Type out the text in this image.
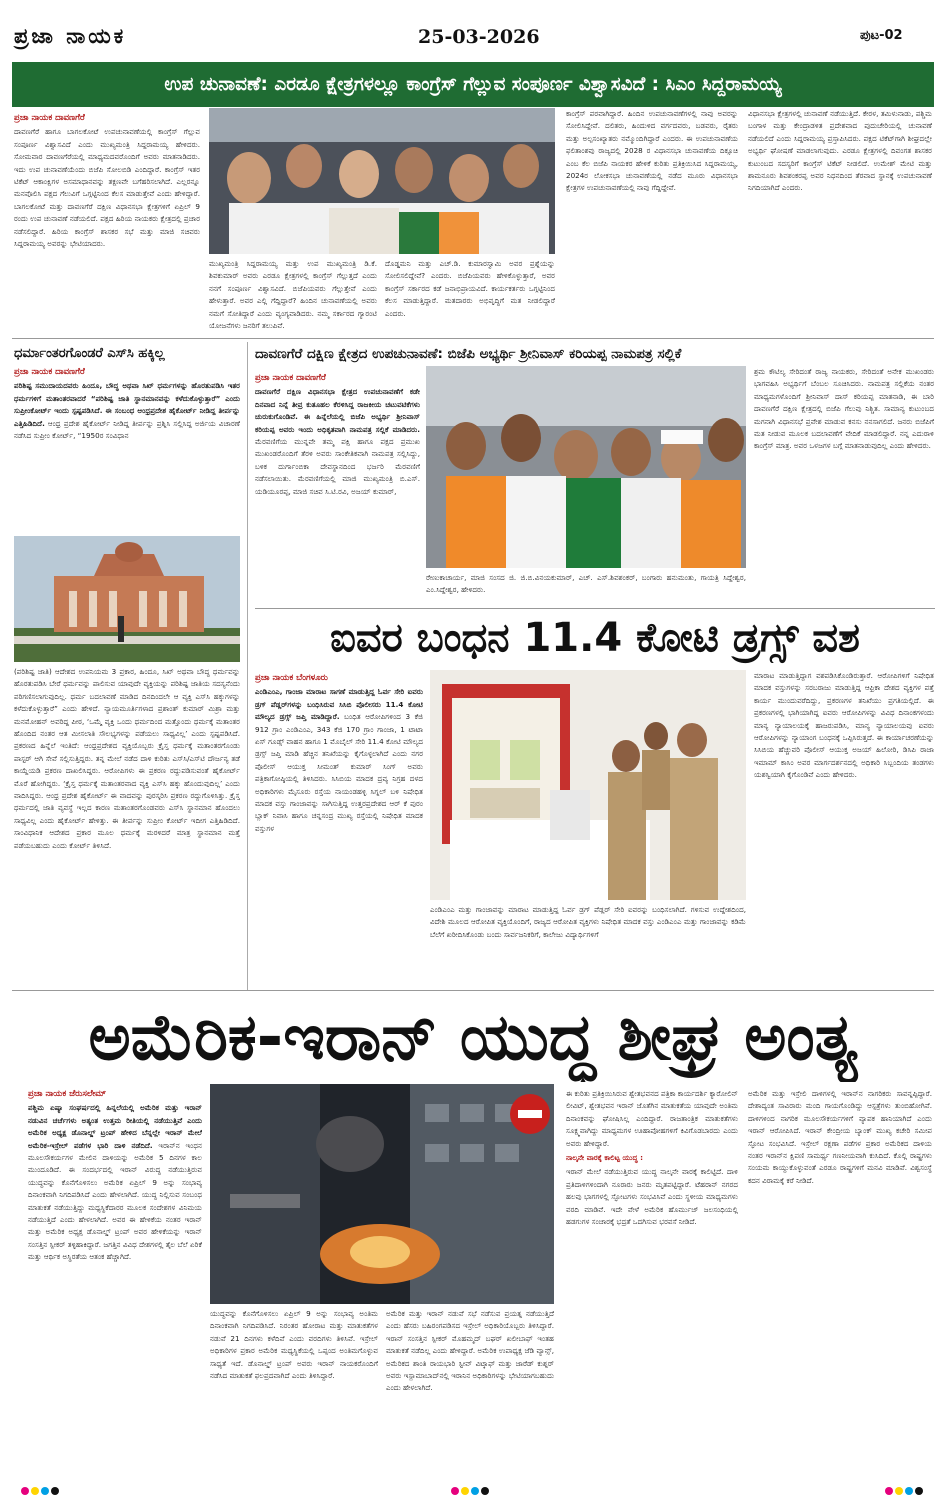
ಪ್ರಜಾ ನಾಯಕ	25-03-2026	ಪುಟ-02
ಉಪ ಚುನಾವಣೆ: ಎರಡೂ ಕ್ಷೇತ್ರಗಳಲ್ಲೂ ಕಾಂಗ್ರೆಸ್ ಗೆಲ್ಲುವ ಸಂಪೂರ್ಣ ವಿಶ್ವಾಸವಿದೆ : ಸಿಎಂ ಸಿದ್ದರಾಮಯ್ಯ
ಪ್ರಜಾ ನಾಯಕ ದಾವಣಗೆರೆ
ದಾವಣಗೆರೆ ಹಾಗೂ ಬಾಗಲಕೋಟೆ ಉಪಚುನಾವಣೆಯಲ್ಲಿ ಕಾಂಗ್ರೆಸ್ ಗೆಲ್ಲುವ ಸಂಪೂರ್ಣ ವಿಶ್ವಾಸವಿದೆ ಎಂದು ಮುಖ್ಯಮಂತ್ರಿ ಸಿದ್ದರಾಮಯ್ಯ ಹೇಳಿದರು. ಸೋಮವಾರ ದಾವಣಗೆರೆಯಲ್ಲಿ ಮಾಧ್ಯಮದವರೊಂದಿಗೆ ಅವರು ಮಾತನಾಡಿದರು. ಇದು ಉಪ ಚುನಾವಣೆಯೆಂದು ಬಿಜೆಪಿ ಸೋಲಬಿಡಿ ಎಂದಿದ್ದಾರೆ. ಕಾಂಗ್ರೆಸ್ ಇತರ ಟಿಕೆಟ್ ಆಕಾಂಕ್ಷಿಗಳ ಅಸಮಾಧಾನವನ್ನು ತಕ್ಷಣವೇ ಬಗೆಹರಿಸಲಾಗಿದೆ. ಎಲ್ಲರನ್ನೂ ಮನವೊಲಿಸಿ ಪಕ್ಷದ ಗೆಲುವಿಗೆ ಒಗ್ಗಟ್ಟಿನಿಂದ ಕೆಲಸ ಮಾಡುತ್ತೇವೆ ಎಂದು ಹೇಳಿದ್ದಾರೆ. ಬಾಗಲಕೋಟೆ ಮತ್ತು ದಾವಣಗೆರೆ ದಕ್ಷಿಣ ವಿಧಾನಸಭಾ ಕ್ಷೇತ್ರಗಳಿಗೆ ಏಪ್ರಿಲ್ 9 ರಂದು ಉಪ ಚುನಾವಣೆ ನಡೆಯಲಿದೆ. ಪಕ್ಷದ ಹಿರಿಯ ನಾಯಕರು ಕ್ಷೇತ್ರದಲ್ಲಿ ಪ್ರಚಾರ ನಡೆಸಲಿದ್ದಾರೆ. ಹಿರಿಯ ಕಾಂಗ್ರೆಸ್ ಶಾಸಕರ ಸಭೆ ಮತ್ತು ಮಾಜಿ ಸಚಿವರು ಸಿದ್ದರಾಮಯ್ಯ ಅವರನ್ನು ಭೇಟಿಯಾದರು.
ಮುಖ್ಯಮಂತ್ರಿ ಸಿದ್ದರಾಮಯ್ಯ ಮತ್ತು ಉಪ ಮುಖ್ಯಮಂತ್ರಿ ಡಿ.ಕೆ. ಶಿವಕುಮಾರ್ ಅವರು ಎರಡೂ ಕ್ಷೇತ್ರಗಳಲ್ಲಿ ಕಾಂಗ್ರೆಸ್ ಗೆಲ್ಲುತ್ತದೆ ಎಂದು ನನಗೆ ಸಂಪೂರ್ಣ ವಿಶ್ವಾಸವಿದೆ. ಬಿಜೆಪಿಯವರು ಗೆಲ್ಲುತ್ತೇವೆ ಎಂದು ಹೇಳುತ್ತಾರೆ. ಅವರ ಎಲ್ಲಿ ಗೆದ್ದಿದ್ದಾರೆ? ಹಿಂದಿನ ಚುನಾವಣೆಯಲ್ಲಿ ಅವರು ನಮಗೆ ಸೋತಿದ್ದಾರೆ ಎಂದು ವ್ಯಂಗ್ಯವಾಡಿದರು. ನಮ್ಮ ಸರ್ಕಾರದ ಗ್ಯಾರಂಟಿ ಯೋಜನೆಗಳು ಜನರಿಗೆ ತಲುಪಿವೆ.
ದೊಡ್ಡಮನಿ ಮತ್ತು ಎಚ್.ಡಿ. ಕುಮಾರಸ್ವಾಮಿ ಅವರ ಪ್ರಶ್ನೆಯನ್ನು ಸೋಲಿಸಲಿದ್ದೇವೆ? ಎಂದರು. ಬಿಜೆಪಿಯವರು ಹೇಳಿಕೊಳ್ಳುತ್ತಾರೆ, ಅವರ ಕಾಂಗ್ರೆಸ್ ಸರ್ಕಾರದ ಕಡೆ ಜನಾಭಿಪ್ರಾಯವಿದೆ. ಕಾರ್ಯಕರ್ತರು ಒಗ್ಗಟ್ಟಿನಿಂದ ಕೆಲಸ ಮಾಡುತ್ತಿದ್ದಾರೆ. ಮತದಾರರು ಅಭಿವೃದ್ಧಿಗೆ ಮತ ನೀಡಲಿದ್ದಾರೆ ಎಂದರು.
ಕಾಂಗ್ರೆಸ್ ಪರವಾಗಿದ್ದಾರೆ. ಹಿಂದಿನ ಉಪಚುನಾವಣೆಗಳಲ್ಲಿ ನಾವು ಅವರನ್ನು ಸೋಲಿಸಿದ್ದೇವೆ. ದಲಿತರು, ಹಿಂದುಳಿದ ವರ್ಗದವರು, ಬಡವರು, ರೈತರು ಮತ್ತು ಅಲ್ಪಸಂಖ್ಯಾತರು ನಮ್ಮೊಂದಿಗಿದ್ದಾರೆ ಎಂದರು. ಈ ಉಪಚುನಾವಣೆಯ ಫಲಿತಾಂಶವು ರಾಜ್ಯದಲ್ಲಿ 2028 ರ ವಿಧಾನಸಭಾ ಚುನಾವಣೆಯ ದಿಕ್ಸೂಚಿ ಎಂಬ ಕೆಲ ಬಿಜೆಪಿ ನಾಯಕರ ಹೇಳಿಕೆ ಕುರಿತು ಪ್ರತಿಕ್ರಿಯಿಸಿದ ಸಿದ್ದರಾಮಯ್ಯ, 2024ರ ಲೋಕಸಭಾ ಚುನಾವಣೆಯಲ್ಲಿ ನಡೆದ ಮೂರು ವಿಧಾನಸಭಾ ಕ್ಷೇತ್ರಗಳ ಉಪಚುನಾವಣೆಯಲ್ಲಿ ನಾವು ಗೆದ್ದಿದ್ದೇವೆ.
ವಿಧಾನಸಭಾ ಕ್ಷೇತ್ರಗಳಲ್ಲಿ ಚುನಾವಣೆ ನಡೆಯುತ್ತಿದೆ. ಕೇರಳ, ತಮಿಳುನಾಡು, ಪಶ್ಚಿಮ ಬಂಗಾಳ ಮತ್ತು ಕೇಂದ್ರಾಡಳಿತ ಪ್ರದೇಶವಾದ ಪುದುಚೇರಿಯಲ್ಲಿ ಚುನಾವಣೆ ನಡೆಯಲಿದೆ ಎಂದು ಸಿದ್ದರಾಮಯ್ಯ ಪ್ರಸ್ತಾಪಿಸಿದರು. ಪಕ್ಷದ ಟಿಕೆಟ್‌ಗಾಗಿ ಶೀಘ್ರದಲ್ಲೇ ಅಭ್ಯರ್ಥಿ ಘೋಷಣೆ ಮಾಡಲಾಗುವುದು. ಎರಡೂ ಕ್ಷೇತ್ರಗಳಲ್ಲಿ ದಿವಂಗತ ಶಾಸಕರ ಕುಟುಂಬದ ಸದಸ್ಯರಿಗೆ ಕಾಂಗ್ರೆಸ್ ಟಿಕೆಟ್ ನೀಡಲಿದೆ. ಉಮೇಶ್ ಮೇಟಿ ಮತ್ತು ಶಾಮನೂರು ಶಿವಶಂಕರಪ್ಪ ಅವರ ನಿಧನದಿಂದ ತೆರವಾದ ಸ್ಥಾನಕ್ಕೆ ಉಪಚುನಾವಣೆ ನಿಗದಿಯಾಗಿದೆ ಎಂದರು.
ಧರ್ಮಾಂತರಗೊಂಡರೆ ಎಸ್‌ಸಿ ಹಕ್ಕಿಲ್ಲ
ಪ್ರಜಾ ನಾಯಕ ದಾವಣಗೆರೆ
ಪರಿಶಿಷ್ಟ ಸಮುದಾಯದವರು ಹಿಂದೂ, ಬೌದ್ಧ ಅಥವಾ ಸಿಖ್ ಧರ್ಮಗಳನ್ನು ಹೊರತುಪಡಿಸಿ ಇತರ ಧರ್ಮಗಳಿಗೆ ಮತಾಂತರವಾದರೆ “ಪರಿಶಿಷ್ಟ ಜಾತಿ ಸ್ಥಾನಮಾನವನ್ನು ಕಳೆದುಕೊಳ್ಳುತ್ತಾರೆ” ಎಂದು ಸುಪ್ರೀಂಕೋರ್ಟ್ ಇಂದು ಸ್ಪಷ್ಟಪಡಿಸಿದೆ. ಈ ಸಂಬಂಧ ಆಂಧ್ರಪ್ರದೇಶ ಹೈಕೋರ್ಟ್ ನೀಡಿದ್ದ ತೀರ್ಪನ್ನು ಎತ್ತಿಹಿಡಿದಿದೆ. ಆಂಧ್ರ ಪ್ರದೇಶ ಹೈಕೋರ್ಟ್ ನೀಡಿದ್ದ ತೀರ್ಪನ್ನು ಪ್ರಶ್ನಿಸಿ ಸಲ್ಲಿಸಿದ್ದ ಅರ್ಜಿಯ ವಿಚಾರಣೆ ನಡೆಸಿದ ಸುಪ್ರೀಂ ಕೋರ್ಟ್, “1950ರ ಸಂವಿಧಾನ
(ಪರಿಶಿಷ್ಟ ಜಾತಿ) ಆದೇಶದ ಉಪನಿಯಮ 3 ಪ್ರಕಾರ, ಹಿಂದೂ, ಸಿಖ್ ಅಥವಾ ಬೌದ್ಧ ಧರ್ಮವನ್ನು ಹೊರತುಪಡಿಸಿ ಬೇರೆ ಧರ್ಮವನ್ನು ಪಾಲಿಸುವ ಯಾವುದೇ ವ್ಯಕ್ತಿಯನ್ನು ಪರಿಶಿಷ್ಟ ಜಾತಿಯ ಸದಸ್ಯನೆಂದು ಪರಿಗಣಿಸಲಾಗುವುದಿಲ್ಲ. ಧರ್ಮ ಬದಲಾವಣೆ ಮಾಡಿದ ದಿನದಿಂದಲೇ ಆ ವ್ಯಕ್ತಿ ಎಸ್‌ಸಿ ಹಕ್ಕುಗಳನ್ನು ಕಳೆದುಕೊಳ್ಳುತ್ತಾರೆ” ಎಂದು ಹೇಳಿದೆ. ನ್ಯಾಯಮೂರ್ತಿಗಳಾದ ಪ್ರಶಾಂತ್ ಕುಮಾರ್ ಮಿಶ್ರಾ ಮತ್ತು ಮನಮೋಹನ್ ಅವರಿದ್ದ ಪೀಠ, ‘ಒಮ್ಮೆ ವ್ಯಕ್ತಿ ಒಂದು ಧರ್ಮದಿಂದ ಮತ್ತೊಂದು ಧರ್ಮಕ್ಕೆ ಮತಾಂತರ ಹೊಂದಿದ ನಂತರ ಆತ ಮೀಸಲಾತಿ ಸೌಲಭ್ಯಗಳನ್ನು ಪಡೆಯಲು ಸಾಧ್ಯವಿಲ್ಲ’ ಎಂದು ಸ್ಪಷ್ಟಪಡಿಸಿದೆ. ಪ್ರಕರಣದ ಹಿನ್ನೆಲೆ ಇಂತಿದೆ: ಆಂಧ್ರಪ್ರದೇಶದ ವ್ಯಕ್ತಿಯೊಬ್ಬರು ಕ್ರೈಸ್ತ ಧರ್ಮಕ್ಕೆ ಮತಾಂತರಗೊಂಡು ಪಾಸ್ಟರ್ ಆಗಿ ಸೇವೆ ಸಲ್ಲಿಸುತ್ತಿದ್ದರು. ತನ್ನ ಮೇಲೆ ನಡೆದ ದಾಳಿ ಕುರಿತು ಎಸ್‌ಸಿ/ಎಸ್‌ಟಿ ದೌರ್ಜನ್ಯ ತಡೆ ಕಾಯ್ದೆಯಡಿ ಪ್ರಕರಣ ದಾಖಲಿಸಿದ್ದರು. ಆರೋಪಿಗಳು ಈ ಪ್ರಕರಣ ರದ್ದುಪಡಿಸುವಂತೆ ಹೈಕೋರ್ಟ್ ಮೊರೆ ಹೋಗಿದ್ದರು. ‘ಕ್ರೈಸ್ತ ಧರ್ಮಕ್ಕೆ ಮತಾಂತರವಾದ ವ್ಯಕ್ತಿ ಎಸ್‌ಸಿ ಹಕ್ಕು ಹೊಂದುವುದಿಲ್ಲ’ ಎಂದು ವಾದಿಸಿದ್ದರು. ಆಂಧ್ರ ಪ್ರದೇಶ ಹೈಕೋರ್ಟ್ ಈ ವಾದವನ್ನು ಪುರಸ್ಕರಿಸಿ ಪ್ರಕರಣ ರದ್ದುಗೊಳಿಸಿತ್ತು. ಕ್ರೈಸ್ತ ಧರ್ಮದಲ್ಲಿ ಜಾತಿ ವ್ಯವಸ್ಥೆ ಇಲ್ಲದ ಕಾರಣ ಮತಾಂತರಗೊಂಡವರು ಎಸ್‌ಸಿ ಸ್ಥಾನಮಾನ ಹೊಂದಲು ಸಾಧ್ಯವಿಲ್ಲ ಎಂದು ಹೈಕೋರ್ಟ್ ಹೇಳಿತ್ತು. ಈ ತೀರ್ಪನ್ನು ಸುಪ್ರೀಂ ಕೋರ್ಟ್ ಇದೀಗ ಎತ್ತಿಹಿಡಿದಿದೆ. ಸಾಂವಿಧಾನಿಕ ಆದೇಶದ ಪ್ರಕಾರ ಮೂಲ ಧರ್ಮಕ್ಕೆ ಮರಳಿದರೆ ಮಾತ್ರ ಸ್ಥಾನಮಾನ ಮತ್ತೆ ಪಡೆಯಬಹುದು ಎಂದು ಕೋರ್ಟ್ ತಿಳಿಸಿದೆ.
ದಾವಣಗೆರೆ ದಕ್ಷಿಣ ಕ್ಷೇತ್ರದ ಉಪಚುನಾವಣೆ: ಬಿಜೆಪಿ ಅಭ್ಯರ್ಥಿ ಶ್ರೀನಿವಾಸ್ ಕರಿಯಪ್ಪ ನಾಮಪತ್ರ ಸಲ್ಲಿಕೆ
ಪ್ರಜಾ ನಾಯಕ ದಾವಣಗೆರೆ
ದಾವಣಗೆರೆ ದಕ್ಷಿಣ ವಿಧಾನಸಭಾ ಕ್ಷೇತ್ರದ ಉಪಚುನಾವಣೆಗೆ ಕಡೇ ದಿನವಾದ ನಿನ್ನೆ ತೀವ್ರ ಕುತೂಹಲ ಕೆರಳಿಸಿದ್ದ ರಾಜಕೀಯ ಚಟುವಟಿಕೆಗಳು ಚುರುಕುಗೊಂಡಿವೆ. ಈ ಹಿನ್ನೆಲೆಯಲ್ಲಿ ಬಿಜೆಪಿ ಅಭ್ಯರ್ಥಿ ಶ್ರೀನಿವಾಸ್ ಕರಿಯಪ್ಪ ಅವರು ಇಂದು ಅಧಿಕೃತವಾಗಿ ನಾಮಪತ್ರ ಸಲ್ಲಿಕೆ ಮಾಡಿದರು. ಮೆರವಣಿಗೆಯ ಮುನ್ನವೇ ತಮ್ಮ ಪಕ್ಷಿ ಹಾಗೂ ಪಕ್ಷದ ಪ್ರಮುಖ ಮುಖಂಡರೊಂದಿಗೆ ತೆರಳಿ ಅವರು ಸಾಂಕೇತಿಕವಾಗಿ ನಾಮಪತ್ರ ಸಲ್ಲಿಸಿದ್ದು, ಬಳಿಕ ದುರ್ಗಾಂಬಿಕಾ ದೇವಸ್ಥಾನದಿಂದ ಭರ್ಜರಿ ಮೆರವಣಿಗೆ ನಡೆಸಲಾಯಿತು. ಮೆರವಣಿಗೆಯಲ್ಲಿ ಮಾಜಿ ಮುಖ್ಯಮಂತ್ರಿ ಬಿ.ಎಸ್. ಯಡಿಯೂರಪ್ಪ, ಮಾಜಿ ಸಚಿವ ಸಿ.ಟಿ.ರವಿ, ಅಜಯ್ ಕುಮಾರ್,
ರೇಣುಕಾಚಾರ್ಯ, ಮಾಜಿ ಸಂಸದ ಜಿ. ಜಿ.ಬಿ.ವಿನಯಕುಮಾರ್, ಎಚ್. ಎಸ್.ಶಿವಶಂಕರ್, ಬಂಗಾರು ಹನುಮಂತು, ಗಾಯತ್ರಿ ಸಿದ್ದೇಶ್ವರ, ಎಂ.ಸಿದ್ದೇಶ್ವರ, ಹೇಳಿದರು.
ಶ್ರಮ ಕೌಟಿಲ್ಯ ಸೇರಿದಂತೆ ರಾಜ್ಯ ನಾಯಕರು, ಸೇರಿದಂತೆ ಅನೇಕ ಮುಖಂಡರು ಭಾಗವಹಿಸಿ ಅಭ್ಯರ್ಥಿಗೆ ಬೆಂಬಲ ಸೂಚಿಸಿದರು. ನಾಮಪತ್ರ ಸಲ್ಲಿಕೆಯ ನಂತರ ಮಾಧ್ಯಮಗಳೊಂದಿಗೆ ಶ್ರೀನಿವಾಸ್ ದಾಸ್ ಕರಿಯಪ್ಪ ಮಾತನಾಡಿ, ಈ ಬಾರಿ ದಾವಣಗೆರೆ ದಕ್ಷಿಣ ಕ್ಷೇತ್ರದಲ್ಲಿ ಬಿಜೆಪಿ ಗೆಲುವು ನಿಶ್ಚಿತ. ಸಾಮಾನ್ಯ ಕುಟುಂಬದ ಮಗನಾಗಿ ವಿಧಾನಸಭೆ ಪ್ರವೇಶ ಮಾಡುವ ಕನಸು ನನಸಾಗಲಿದೆ. ಜನರು ಬಿಜೆಪಿಗೆ ಮತ ನೀಡುವ ಮೂಲಕ ಬದಲಾವಣೆಗೆ ವೇದಿಕೆ ಮಾಡಲಿದ್ದಾರೆ. ನನ್ನ ಎದುರಾಳಿ ಕಾಂಗ್ರೆಸ್ ಮಾತ್ರ. ಅವರ ಒಳಜಗಳ ಬಗ್ಗೆ ಮಾತನಾಡುವುದಿಲ್ಲ ಎಂದು ಹೇಳಿದರು.
ಐವರ ಬಂಧನ 11.4 ಕೋಟಿ ಡ್ರಗ್ಸ್ ವಶ
ಪ್ರಜಾ ನಾಯಕ ಬೆಂಗಳೂರು
ಎಂಡಿಎಂಎ, ಗಾಂಜಾ ಮಾರಾಟ ಸಾಗಣೆ ಮಾಡುತ್ತಿದ್ದ ಓರ್ವ ಸೇರಿ ಐವರು ಡ್ರಗ್ ಪೆಡ್ಲರ್‌ಗಳನ್ನು ಬಂಧಿಸಿರುವ ಸಿಸಿಬಿ ಪೊಲೀಸರು 11.4 ಕೋಟಿ ಮೌಲ್ಯದ ಡ್ರಗ್ಸ್ ಜಪ್ತಿ ಮಾಡಿದ್ದಾರೆ. ಬಂಧಿತ ಆರೋಪಿಗಳಿಂದ 3 ಕೆಜಿ 912 ಗ್ರಾಂ ಎಂಡಿಎಂಎ, 343 ಕೆಜಿ 170 ಗ್ರಾಂ ಗಾಂಜಾ, 1 ಟಾಟಾ ಏಸ್ ಗೂಡ್ಸ್ ವಾಹನ ಹಾಗೂ 1 ಮೊಬೈಲ್ ಸೇರಿ 11.4 ಕೋಟಿ ಮೌಲ್ಯದ ಡ್ರಗ್ಸ್ ಜಪ್ತಿ ಮಾಡಿ ಹೆಚ್ಚಿನ ತನಿಖೆಯನ್ನು ಕೈಗೊಳ್ಳಲಾಗಿದೆ ಎಂದು ನಗರ ಪೊಲೀಸ್ ಆಯುಕ್ತ ಸೀಮಂತ್ ಕುಮಾರ್ ಸಿಂಗ್ ಅವರು ಪತ್ರಿಕಾಗೋಷ್ಠಿಯಲ್ಲಿ ತಿಳಿಸಿದರು. ಸಿಸಿಬಿಯ ಮಾದಕ ದ್ರವ್ಯ ನಿಗ್ರಹ ದಳದ ಅಧಿಕಾರಿಗಳು ಮೈಸೂರು ರಸ್ತೆಯ ನಾಯಂಡಹಳ್ಳಿ ಸಿಗ್ನಲ್ ಬಳಿ ನಿಷೇಧಿತ ಮಾದಕ ವಸ್ತು ಗಾಂಜಾವನ್ನು ಸಾಗಿಸುತ್ತಿದ್ದ ಉತ್ತರಪ್ರದೇಶದ ಆರ್ ಕೆ ಪುರಂ ಬ್ಲಾಕ್ ನಿವಾಸಿ ಹಾಗೂ ಚನ್ನಸಂದ್ರ ಮುಖ್ಯ ರಸ್ತೆಯಲ್ಲಿ ನಿಷೇಧಿತ ಮಾದಕ ವಸ್ತುಗಳ
ಎಂಡಿಎಂಎ ಮತ್ತು ಗಾಂಜಾವನ್ನು ಮಾರಾಟ ಮಾಡುತ್ತಿದ್ದ ಓರ್ವ ಡ್ರಗ್ ಪೆಡ್ಲರ್ ಸೇರಿ ಐವರನ್ನು ಬಂಧಿಸಲಾಗಿದೆ. ಗಳಿಸುವ ಉದ್ದೇಶದಿಂದ, ವಿದೇಶಿ ಮೂಲದ ಆರೋಪಿತ ವ್ಯಕ್ತಿಯೊಂದಿಗೆ, ರಾಜ್ಯದ ಆರೋಪಿತ ವ್ಯಕ್ತಿಗಳು ನಿಷೇಧಿತ ಮಾದಕ ವಸ್ತು ಎಂಡಿಎಂಎ ಮತ್ತು ಗಾಂಜಾವನ್ನು ಕಡಿಮೆ ಬೆಲೆಗೆ ಖರೀದಿಸಿಕೊಂಡು ಬಂದು ಸಾರ್ವಜನಿಕರಿಗೆ, ಕಾಲೇಜು ವಿದ್ಯಾರ್ಥಿಗಳಿಗೆ
ಮಾರಾಟ ಮಾಡುತ್ತಿದ್ದಾಗ ವಶಪಡಿಸಿಕೊಂಡಿರುತ್ತಾರೆ. ಆರೋಪಿಗಳಿಗೆ ನಿಷೇಧಿತ ಮಾದಕ ವಸ್ತುಗಳನ್ನು ಸರಬರಾಜು ಮಾಡುತ್ತಿದ್ದ ಆಫ್ರಿಕಾ ದೇಶದ ವ್ಯಕ್ತಿಗಳ ಪತ್ತೆ ಕಾರ್ಯ ಮುಂದುವರೆದಿದ್ದು, ಪ್ರಕರಣಗಳ ತನಿಖೆಯು ಪ್ರಗತಿಯಲ್ಲಿದೆ. ಈ ಪ್ರಕರಣಗಳಲ್ಲಿ ಭಾಗಿಯಾಗಿದ್ದ ಐವರು ಆರೋಪಿಗಳನ್ನು ವಿವಿಧ ದಿನಾಂಕಗಳಂದು ಮಾನ್ಯ ನ್ಯಾಯಾಲಯಕ್ಕೆ ಹಾಜರುಪಡಿಸಿ, ಮಾನ್ಯ ನ್ಯಾಯಾಲಯವು ಐವರು ಆರೋಪಿಗಳನ್ನು ನ್ಯಾಯಾಂಗ ಬಂಧನಕ್ಕೆ ಒಪ್ಪಿಸಿರುತ್ತದೆ. ಈ ಕಾರ್ಯಾಚರಣೆಯನ್ನು ಸಿಸಿಬಿಯ ಹೆಚ್ಚುವರಿ ಪೊಲೀಸ್ ಆಯುಕ್ತ ಅಜಯ್ ಹಿಲೋರಿ, ಡಿಸಿಪಿ ರಾಜಾ ಇಮಾಮ್ ಕಾಸಿಂ ಅವರ ಮಾರ್ಗದರ್ಶನದಲ್ಲಿ ಅಧಿಕಾರಿ ಸಿಬ್ಬಂದಿಯ ತಂಡಗಳು ಯಶಸ್ವಿಯಾಗಿ ಕೈಗೊಂಡಿವೆ ಎಂದು ಹೇಳಿದರು.
ಅಮೆರಿಕ-ಇರಾನ್ ಯುದ್ಧ ಶೀಘ್ರ ಅಂತ್ಯ
ಪ್ರಜಾ ನಾಯಕ ಜೆರುಸಲೇಮ್
ಪಶ್ಚಿಮ ಏಷ್ಯಾ ಸಂಘರ್ಷದಲ್ಲಿ ಹಿನ್ನಲೆಯಲ್ಲಿ ಅಮೆರಿಕ ಮತ್ತು ಇರಾನ್ ನಡುವಿನ ಚರ್ಚೆಗಳು ಅತ್ಯಂತ ಉತ್ತಮ ರೀತಿಯಲ್ಲಿ ನಡೆಯುತ್ತಿವೆ ಎಂದು ಅಮೆರಿಕ ಅಧ್ಯಕ್ಷ ಡೊನಾಲ್ಡ್ ಟ್ರಂಪ್ ಹೇಳಿದ ಬೆನ್ನಲ್ಲೇ ಇರಾನ್ ಮೇಲೆ ಅಮೆರಿಕ-ಇಸ್ರೇಲ್ ಪಡೆಗಳ ಭಾರಿ ದಾಳಿ ನಡೆದಿದೆ. ಇರಾನ್‌ನ ಇಂಧನ ಮೂಲಸೌಕರ್ಯಗಳ ಮೇಲಿನ ದಾಳಿಯನ್ನು ಅಮೆರಿಕ 5 ದಿನಗಳ ಕಾಲ ಮುಂದೂಡಿದೆ. ಈ ಸಂದರ್ಭದಲ್ಲಿ ಇರಾನ್ ವಿರುದ್ಧ ನಡೆಯುತ್ತಿರುವ ಯುದ್ಧವನ್ನು ಕೊನೆಗೊಳಿಸಲು ಅಮೆರಿಕ ಏಪ್ರಿಲ್ 9 ಅನ್ನು ಸಂಭಾವ್ಯ ದಿನಾಂಕವಾಗಿ ನಿಗದಿಪಡಿಸಿದೆ ಎಂದು ಹೇಳಲಾಗಿದೆ. ಯುದ್ಧ ನಿಲ್ಲಿಸುವ ಸಂಬಂಧ ಮಾತುಕತೆ ನಡೆಯುತ್ತಿದ್ದು ಮಧ್ಯಸ್ಥಿಕೆದಾರರ ಮೂಲಕ ಸಂದೇಶಗಳ ವಿನಿಮಯ ನಡೆಯುತ್ತಿದೆ ಎಂದು ಹೇಳಲಾಗಿದೆ. ಅವರ ಈ ಹೇಳಿಕೆಯ ನಂತರ ಇರಾನ್ ಮತ್ತು ಅಮೆರಿಕ ಅಧ್ಯಕ್ಷ ಡೊನಾಲ್ಡ್ ಟ್ರಂಪ್ ಅವರ ಹೇಳಿಕೆಯನ್ನು ಇರಾನ್ ಸಂಸತ್ತಿನ ಸ್ಪೀಕರ್ ತಳ್ಳಿಹಾಕಿದ್ದಾರೆ. ಜಗತ್ತಿನ ವಿವಿಧ ದೇಶಗಳಲ್ಲಿ ತೈಲ ಬೆಲೆ ಏರಿಕೆ ಮತ್ತು ಆರ್ಥಿಕ ಅಸ್ಥಿರತೆಯ ಆತಂಕ ಹೆಚ್ಚಾಗಿದೆ.
ಯುದ್ಧವನ್ನು ಕೊನೆಗೊಳಿಸಲು ಏಪ್ರಿಲ್ 9 ಅನ್ನು ಸಂಭಾವ್ಯ ಅಂತಿಮ ದಿನಾಂಕವಾಗಿ ನಿಗದಿಪಡಿಸಿದೆ. ನಿರಂತರ ಹೋರಾಟ ಮತ್ತು ಮಾತುಕತೆಗಳ ನಡುವೆ 21 ದಿನಗಳು ಕಳೆದಿವೆ ಎಂದು ವರದಿಗಳು ತಿಳಿಸಿವೆ. ಇಸ್ರೇಲ್ ಅಧಿಕಾರಿಗಳ ಪ್ರಕಾರ ಅಮೆರಿಕ ಮಧ್ಯಸ್ಥಿಕೆಯಲ್ಲಿ ಒಪ್ಪಂದ ಅಂತಿಮಗೊಳ್ಳುವ ಸಾಧ್ಯತೆ ಇದೆ. ಡೊನಾಲ್ಡ್ ಟ್ರಂಪ್ ಅವರು ಇರಾನ್ ನಾಯಕರೊಂದಿಗೆ ನಡೆಸಿದ ಮಾತುಕತೆ ಫಲಪ್ರದವಾಗಿದೆ ಎಂದು ತಿಳಿಸಿದ್ದಾರೆ.
ಅಮೆರಿಕ ಮತ್ತು ಇರಾನ್ ನಡುವೆ ಸಭೆ ನಡೆಸುವ ಪ್ರಯತ್ನ ನಡೆಯುತ್ತಿದೆ ಎಂದು ಹೆಸರು ಬಹಿರಂಗಪಡಿಸದ ಇಸ್ರೇಲ್ ಅಧಿಕಾರಿಯೊಬ್ಬರು ತಿಳಿಸಿದ್ದಾರೆ. ಇರಾನ್ ಸಂಸತ್ತಿನ ಸ್ಪೀಕರ್ ಮೊಹಮ್ಮದ್ ಬಘರ್ ಖಲೀಬಾಫ್ ಇಂತಹ ಮಾತುಕತೆ ನಡೆದಿಲ್ಲ ಎಂದು ಹೇಳಿದ್ದಾರೆ. ಅಮೆರಿಕ ಉಪಾಧ್ಯಕ್ಷ ಜೆಡಿ ವ್ಯಾನ್ಸ್, ಅಮೆರಿಕದ ಶಾಂತಿ ರಾಯಭಾರಿ ಸ್ಟೀವ್ ವಿಟ್ಕಾಫ್ ಮತ್ತು ಜಾರೆಡ್ ಕುಶ್ನರ್ ಅವರು ಇಸ್ಲಾಮಾಬಾದ್‌ನಲ್ಲಿ ಇರಾನಿನ ಅಧಿಕಾರಿಗಳನ್ನು ಭೇಟಿಯಾಗಬಹುದು ಎಂದು ಹೇಳಲಾಗಿದೆ.
ಈ ಕುರಿತು ಪ್ರತಿಕ್ರಿಯಿಸಿರುವ ಶ್ವೇತಭವನದ ಪತ್ರಿಕಾ ಕಾರ್ಯದರ್ಶಿ ಕ್ಯಾರೋಲಿನ್ ಲೀವಿಟ್, ಶ್ವೇತಭವನ ಇರಾನ್ ಜೊತೆಗಿನ ಮಾತುಕತೆಯ ಯಾವುದೇ ಅಂತಿಮ ದಿನಾಂಕವನ್ನು ಘೋಷಿಸಿಲ್ಲ ಎಂದಿದ್ದಾರೆ. ರಾಜತಾಂತ್ರಿಕ ಮಾತುಕತೆಗಳು ಸೂಕ್ಷ್ಮವಾಗಿದ್ದು ಮಾಧ್ಯಮಗಳ ಊಹಾಪೋಹಗಳಿಗೆ ಕಿವಿಗೊಡಬಾರದು ಎಂದು ಅವರು ಹೇಳಿದ್ದಾರೆ.
ನಾಲ್ಕನೇ ವಾರಕ್ಕೆ ಕಾಲಿಟ್ಟ ಯುದ್ಧ :
ಇರಾನ್ ಮೇಲೆ ನಡೆಯುತ್ತಿರುವ ಯುದ್ಧ ನಾಲ್ಕನೇ ವಾರಕ್ಕೆ ಕಾಲಿಟ್ಟಿದೆ. ದಾಳಿ ಪ್ರತಿದಾಳಿಗಳಿಂದಾಗಿ ನೂರಾರು ಜನರು ಮೃತಪಟ್ಟಿದ್ದಾರೆ. ಟೆಹರಾನ್ ನಗರದ ಹಲವು ಭಾಗಗಳಲ್ಲಿ ಸ್ಫೋಟಗಳು ಸಂಭವಿಸಿವೆ ಎಂದು ಸ್ಥಳೀಯ ಮಾಧ್ಯಮಗಳು ವರದಿ ಮಾಡಿವೆ. ಇದೇ ವೇಳೆ ಅಮೆರಿಕ ಹೊರ್ಮುಜ್ ಜಲಸಂಧಿಯಲ್ಲಿ ಹಡಗುಗಳ ಸಂಚಾರಕ್ಕೆ ಭದ್ರತೆ ಒದಗಿಸುವ ಭರವಸೆ ನೀಡಿದೆ.
ಅಮೆರಿಕ ಮತ್ತು ಇಸ್ರೇಲಿ ದಾಳಿಗಳಲ್ಲಿ ಇರಾನ್‌ನ ನಾಗರಿಕರು ಸಾವನ್ನಪ್ಪಿದ್ದಾರೆ. ದೇಶಾದ್ಯಂತ ಸಾವಿರಾರು ಮಂದಿ ಗಾಯಗೊಂಡಿದ್ದು ಆಸ್ಪತ್ರೆಗಳು ತುಂಬಿಹೋಗಿವೆ. ದಾಳಿಗಳಿಂದ ನಾಗರಿಕ ಮೂಲಸೌಕರ್ಯಗಳಿಗೆ ವ್ಯಾಪಕ ಹಾನಿಯಾಗಿದೆ ಎಂದು ಇರಾನ್ ಆರೋಪಿಸಿದೆ. ಇರಾನ್ ಕೇಂದ್ರೀಯ ಬ್ಯಾಂಕ್ ಮುಖ್ಯ ಕಚೇರಿ ಸಮೀಪ ಸ್ಫೋಟ ಸಂಭವಿಸಿದೆ. ಇಸ್ರೇಲ್ ರಕ್ಷಣಾ ಪಡೆಗಳ ಪ್ರಕಾರ ಅಮೆರಿಕದ ದಾಳಿಯ ನಂತರ ಇರಾನ್‌ನ ಕ್ಷಿಪಣಿ ಸಾಮರ್ಥ್ಯ ಗಣನೀಯವಾಗಿ ಕುಸಿದಿದೆ. ಕೊಲ್ಲಿ ರಾಷ್ಟ್ರಗಳು ಸಂಯಮ ಕಾಯ್ದುಕೊಳ್ಳುವಂತೆ ಎರಡೂ ರಾಷ್ಟ್ರಗಳಿಗೆ ಮನವಿ ಮಾಡಿವೆ. ವಿಶ್ವಸಂಸ್ಥೆ ಕದನ ವಿರಾಮಕ್ಕೆ ಕರೆ ನೀಡಿದೆ.
